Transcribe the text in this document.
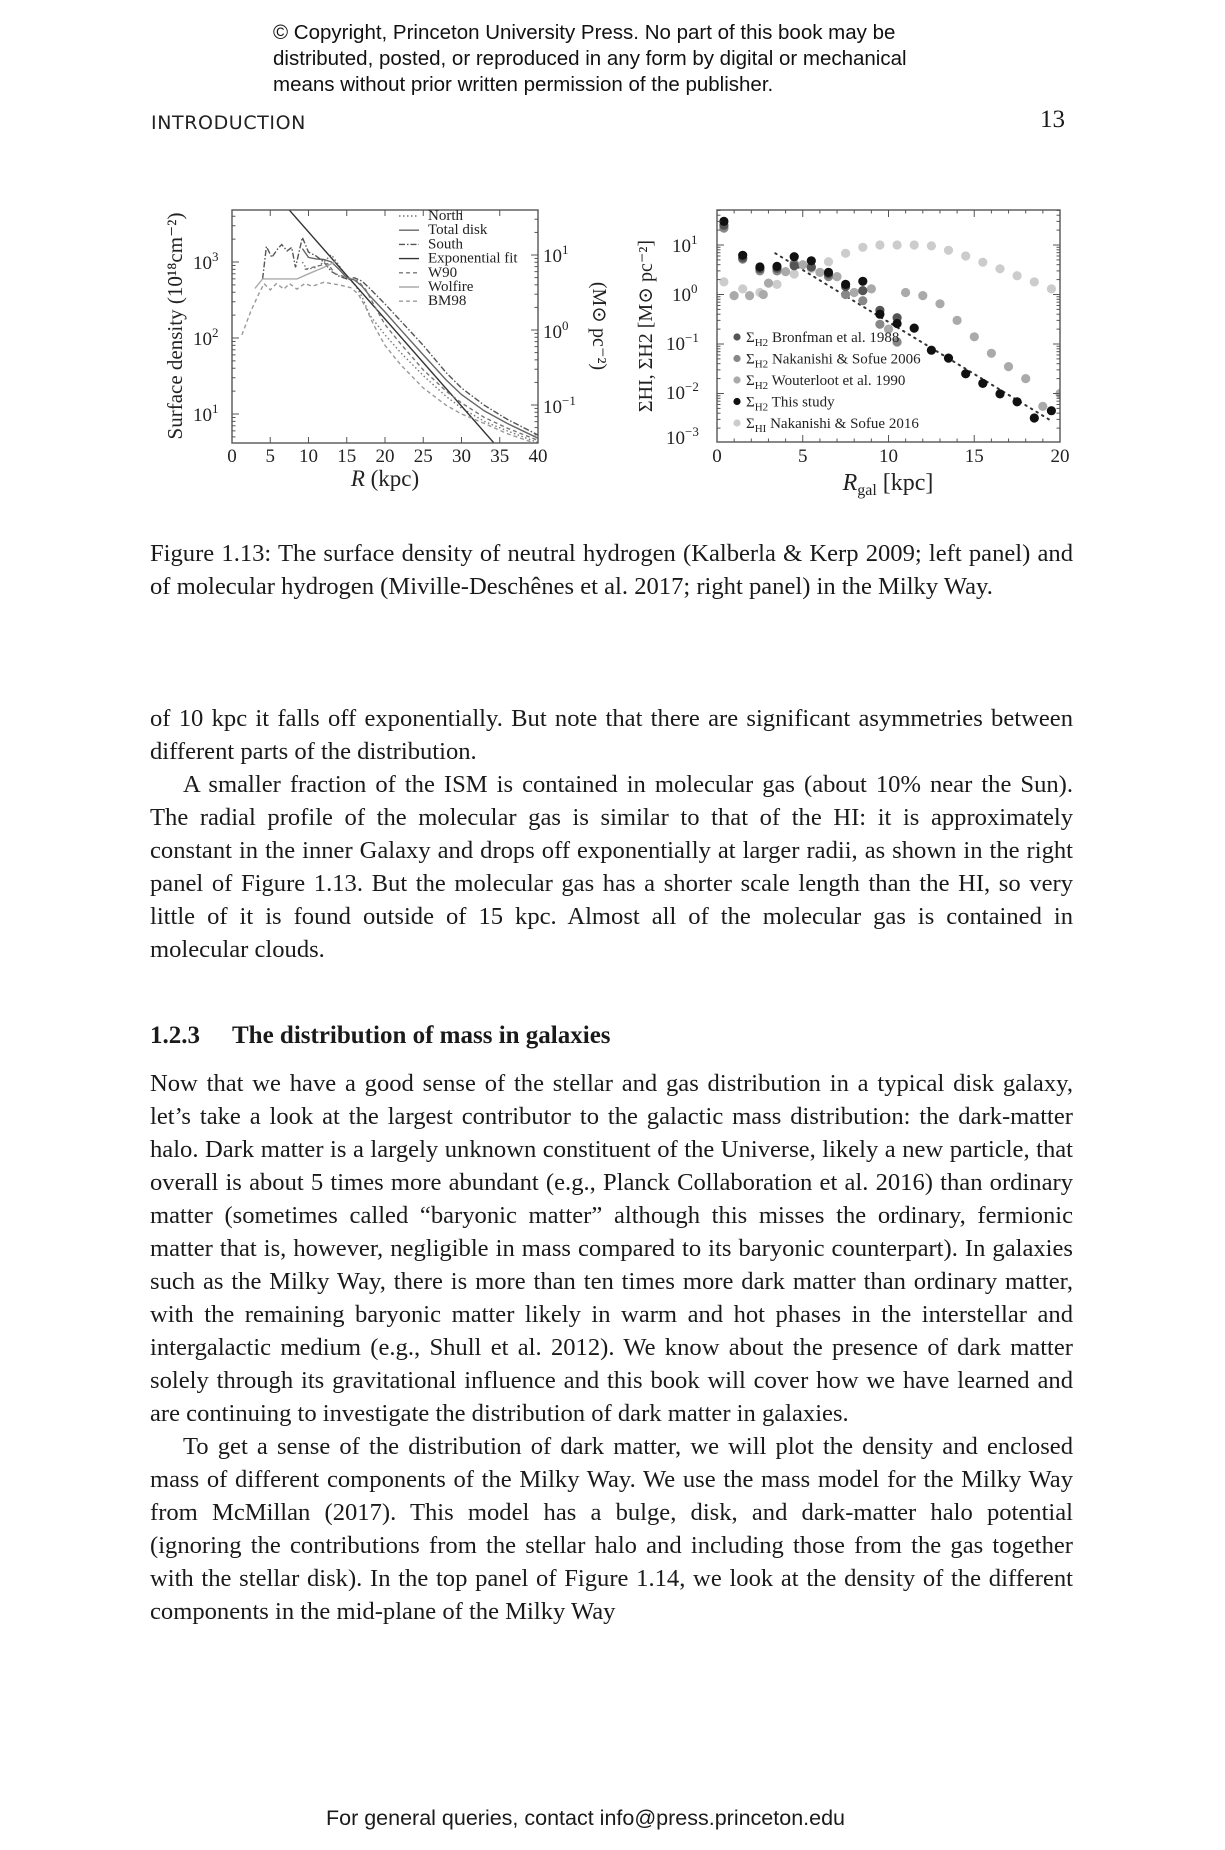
© Copyright, Princeton University Press. No part of this book may be
distributed, posted, or reproduced in any form by digital or mechanical
means without prior written permission of the publisher.
INTRODUCTION	13
Surface density (10¹⁸cm⁻²) $10^3$
$10^2$
$10^1$
$10^1$
$10^0$
$10^{-1}$
(M⊙ pc⁻²)
0 5 10 15 20 25 30 35 40
R (kpc)
North
Total disk
South
Exponential fit
W90
Wolfire
BM98	ΣHI, ΣH2 [M⊙ pc⁻²] $10^1$
$10^0$
$10^{-1}$
$10^{-2}$
$10^{-3}$
0	5	10	15	20
$R_{gal}$ [kpc]
$\Sigma_{H2}$ Bronfman et al. 1988
$\Sigma_{H2}$ Nakanishi & Sofue 2006
$\Sigma_{H2}$ Wouterloot et al. 1990
$\Sigma_{H2}$ This study
$\Sigma_{HI}$ Nakanishi & Sofue 2016

Figure 1.13: The surface density of neutral hydrogen (Kalberla & Kerp 2009; left panel) and of molecular hydrogen (Miville-Deschênes et al. 2017; right panel) in the Milky Way.

of 10 kpc it falls off exponentially. But note that there are significant asymmetries between different parts of the distribution.

A smaller fraction of the ISM is contained in molecular gas (about 10% near the Sun). The radial profile of the molecular gas is similar to that of the HI: it is approximately constant in the inner Galaxy and drops off exponentially at larger radii, as shown in the right panel of Figure 1.13. But the molecular gas has a shorter scale length than the HI, so very little of it is found outside of 15 kpc. Almost all of the molecular gas is contained in molecular clouds.

1.2.3 The distribution of mass in galaxies

Now that we have a good sense of the stellar and gas distribution in a typical disk galaxy, let’s take a look at the largest contributor to the galactic mass distribution: the dark-matter halo. Dark matter is a largely unknown constituent of the Universe, likely a new particle, that overall is about 5 times more abundant (e.g., Planck Collaboration et al. 2016) than ordinary matter (sometimes called “baryonic matter” although this misses the ordinary, fermionic matter that is, however, negligible in mass compared to its baryonic counterpart). In galaxies such as the Milky Way, there is more than ten times more dark matter than ordinary matter, with the remaining baryonic matter likely in warm and hot phases in the interstellar and intergalactic medium (e.g., Shull et al. 2012). We know about the presence of dark matter solely through its gravitational influence and this book will cover how we have learned and are continuing to investigate the distribution of dark matter in galaxies.

To get a sense of the distribution of dark matter, we will plot the density and enclosed mass of different components of the Milky Way. We use the mass model for the Milky Way from McMillan (2017). This model has a bulge, disk, and dark-matter halo potential (ignoring the contributions from the stellar halo and including those from the gas together with the stellar disk). In the top panel of Figure 1.14, we look at the density of the different components in the mid-plane of the Milky Way

For general queries, contact info@press.princeton.edu
